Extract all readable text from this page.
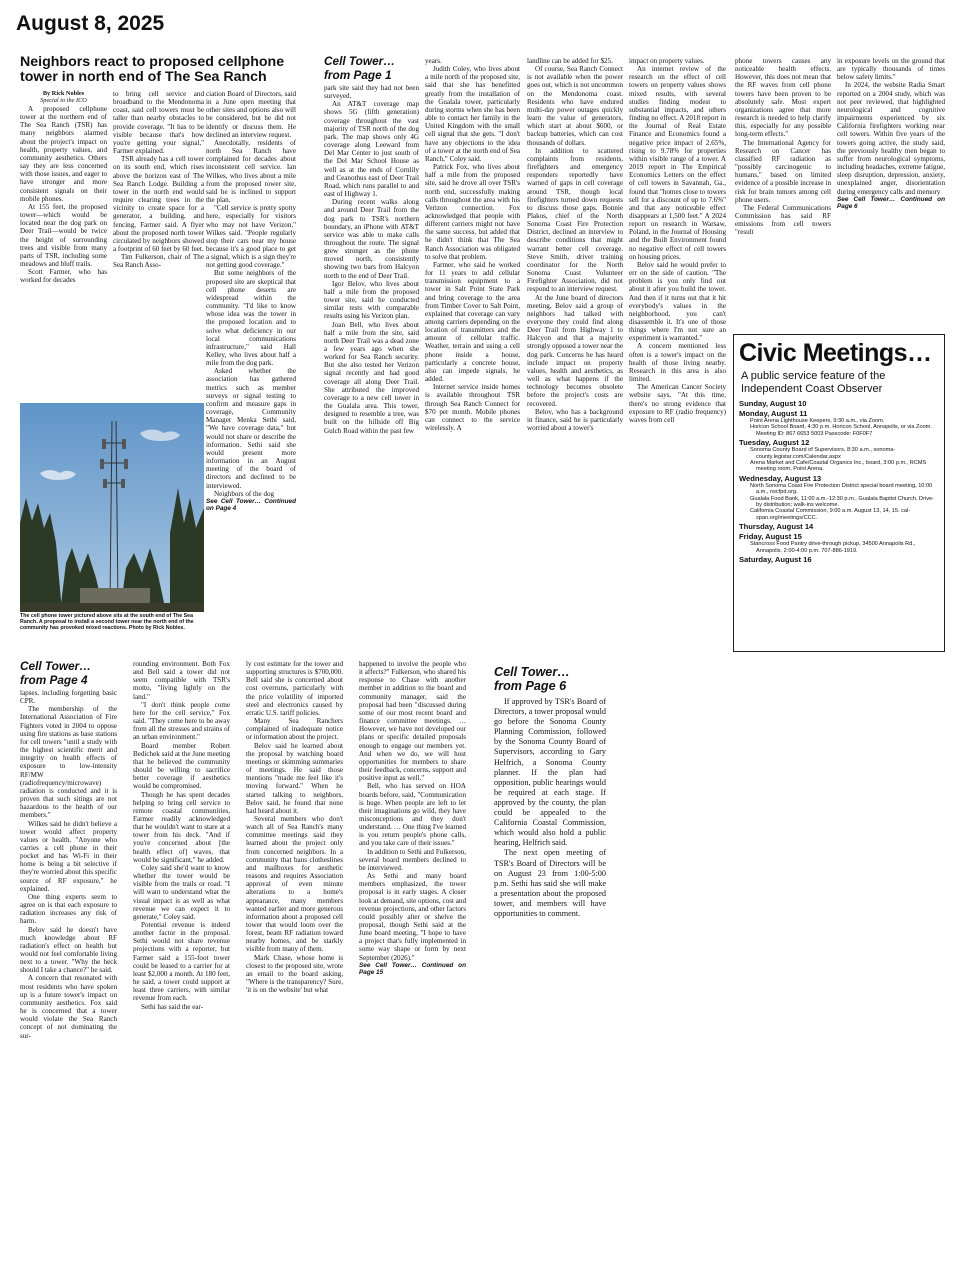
August 8, 2025
Neighbors react to proposed cellphone tower in north end of The Sea Ranch
By Rick Nobles
Special to the ICO

A proposed cellphone tower at the northern end of The Sea Ranch (TSR) has many neighbors alarmed about the project's impact on health, property values, and community aesthetics. Others say they are less concerned with those issues, and eager to have stronger and more consistent signals on their mobile phones.

At 155 feet, the proposed tower—which would be located near the dog park on Deer Trail—would be twice the height of surrounding trees and visible from many parts of TSR, including some meadows and bluff trails.

Scott Farmer, who has worked for decades

to bring cell service and broadband to the Mendonoma coast, said cell towers must be taller than nearby obstacles to provide coverage. "It has to be visible because that's how you're getting your signal," Farmer explained.

TSR already has a cell tower on its south end, which rises above the horizon east of The Sea Ranch Lodge. Building a tower in the north end would require clearing trees in the vicinity to create space for a generator, a building, and fencing, Farmer said. A flyer about the proposed north tower circulated by neighbors showed a footprint of 60 feet by 60 feet.

Tim Fulkerson, chair of The Sea Ranch Asso-

ciation Board of Directors, said in a June open meeting that other sites and options also will be considered, but he did not identify or discuss them. He declined an interview request.

Anecdotally, residents of north Sea Ranch have complained for decades about inconsistent cell service. Ian Wilkes, who lives about a mile from the proposed tower site, said he is inclined to support the plan.

"Cell service is pretty spotty here, especially for visitors who may not have Verizon," Wilkes said. "People regularly stop their cars near my house because it's a good place to get a signal, which is a sign they're not getting good coverage."

But some neighbors of the proposed site are skeptical that cell phone deserts are widespread within the community. "I'd like to know whose idea was the tower in the proposed location and to solve what deficiency in our local communications infrastructure," said Hall Kelley, who lives about half a mile from the dog park.

Asked whether the association has gathered metrics such as member surveys or signal testing to confirm and measure gaps in coverage, Community Manager Menka Sethi said, "We have coverage data," but would not share or describe the information. Sethi said she would present more information in an August meeting of the board of directors and declined to be interviewed.

Neighbors of the dog

See Cell Tower… Continued on Page 4

The cell phone tower pictured above sits at the south end of The Sea Ranch. A proposal to install a second tower near the north end of the community has provoked mixed reactions. Photo by Rick Nobles.
Cell Tower…
from Page 1

park site said they had not been surveyed.

An AT&T coverage map shows 5G (fifth generation) coverage throughout the vast majority of TSR north of the dog park. The map shows only 4G coverage along Leeward from Del Mar Center to just south of the Del Mar School House as well as at the ends of Cornlily and Ceanothus east of Deer Trail Road, which runs parallel to and east of Highway 1.

During recent walks along and around Deer Trail from the dog park to TSR's northern boundary, an iPhone with AT&T service was able to make calls throughout the route. The signal grew stronger as the phone moved north, consistently showing two bars from Halcyon north to the end of Deer Trail.

Igor Belov, who lives about half a mile from the proposed tower site, said he conducted similar tests with comparable results using his Verizon plan.

Joan Bell, who lives about half a mile from the site, said north Deer Trail was a dead zone a few years ago when she worked for Sea Ranch security. But she also tested her Verizon signal recently and had good coverage all along Deer Trail. She attributed the improved coverage to a new cell tower in the Gualala area. This tower, designed to resemble a tree, was built on the hillside off Big Gulch Road within the past few

years.

Judith Coley, who lives about a mile north of the proposed site, said that she has benefitted greatly from the installation of the Gualala tower, particularly during storms when she has been able to contact her family in the United Kingdom with the small cell signal that she gets. "I don't have any objections to the idea of a tower at the north end of Sea Ranch," Coley said.

Patrick Fox, who lives about half a mile from the proposed site, said he drove all over TSR's north end, successfully making calls throughout the area with his Verizon connection. Fox acknowledged that people with different carriers might not have the same success, but added that he didn't think that The Sea Ranch Association was obligated to solve that problem.

Farmer, who said he worked for 11 years to add cellular transmission equipment to a tower in Salt Point State Park and bring coverage to the area from Timber Cover to Salt Point, explained that coverage can vary among carriers depending on the location of transmitters and the amount of cellular traffic. Weather, terrain and using a cell phone inside a house, particularly a concrete house, also can impede signals, he added.

Internet service inside homes is available throughout TSR through Sea Ranch Connect for $70 per month. Mobile phones can connect to the service wirelessly. A

landline can be added for $25.

Of course, Sea Ranch Connect is not available when the power goes out, which is not uncommon on the Mendonoma coast. Residents who have endured multi-day power outages quickly learn the value of generators, which start at about $600, or backup batteries, which can cost thousands of dollars.

In addition to scattered complaints from residents, firefighters and emergency responders reportedly have warned of gaps in cell coverage around TSR, though local firefighters turned down requests to discuss those gaps. Bonnie Plakos, chief of the North Sonoma Coast Fire Protection District, declined an interview to describe conditions that might warrant better cell coverage. Steve Smith, driver training coordinator for the North Sonoma Coast Volunteer Firefighter Association, did not respond to an interview request.

At the June board of directors meeting, Belov said a group of neighbors had talked with everyone they could find along Deer Trail from Highway 1 to Halcyon and that a majority strongly opposed a tower near the dog park. Concerns he has heard include impact on property values, health and aesthetics, as well as what happens if the technology becomes obsolete before the project's costs are recovered.

Belov, who has a background in finance, said he is particularly worried about a tower's

impact on property values.

An internet review of the research on the effect of cell towers on property values shows mixed results, with several studies finding modest to substantial impacts, and others finding no effect. A 2018 report in the Journal of Real Estate Finance and Economics found a negative price impact of 2.65%, rising to 9.78% for properties within visible range of a tower. A 2019 report in The Empirical Economics Letters on the effect of cell towers in Savannah, Ga., found that "homes close to towers sell for a discount of up to 7.6%" and that any noticeable effect disappears at 1,500 feet." A 2024 report on research in Warsaw, Poland, in the Journal of Housing and the Built Environment found no negative effect of cell towers on housing prices.

Belov said he would prefer to err on the side of caution. "The problem is you only find out about it after you build the tower. And then if it turns out that it hit everybody's values in the neighborhood, you can't disassemble it. It's one of those things where I'm not sure an experiment is warranted."

A concern mentioned less often is a tower's impact on the health of those living nearby. Research in this area is also limited.

The American Cancer Society website says, "At this time, there's no strong evidence that exposure to RF (radio frequency) waves from cell

phone towers causes any noticeable health effects. However, this does not mean that the RF waves from cell phone towers have been proven to be absolutely safe. Most expert organizations agree that more research is needed to help clarify this, especially for any possible long-term effects."

The International Agency for Research on Cancer has classified RF radiation as "possibly carcinogenic to humans," based on limited evidence of a possible increase in risk for brain tumors among cell phone users.

The Federal Communications Commission has said RF emissions from cell towers "result

in exposure levels on the ground that are typically thousands of times below safety limits."

In 2024, the website Radia Smart reported on a 2004 study, which was not peer reviewed, that highlighted neurological and cognitive impairments experienced by six California firefighters working near cell towers. Within five years of the towers going active, the study said, the previously healthy men began to suffer from neurological symptoms, including headaches, extreme fatigue, sleep disruption, depression, anxiety, unexplained anger, disorientation during emergency calls and memory

See Cell Tower… Continued on Page 6

Civic Meetings…
A public service feature of the Independent Coast Observer
Sunday, August 10
Monday, August 11
Point Arena Lighthouse Keepers, 9:30 a.m., via Zoom.
Horicon School Board, 4:30 p.m. Horicon School, Annapolis, or via Zoom. Meeting ID: 867 6653 5003 Passcode: F0F0F7
Tuesday, August 12
Sonoma County Board of Supervisors, 8:30 a.m., sonoma-county.legistar.com/Calendar.aspx
Arena Market and Cafe/Coastal Organics Inc., board, 3:00 p.m., RCMS meeting room, Point Arena.
Wednesday, August 13
North Sonoma Coast Fire Protection District special board meeting, 10:00 a.m., nscfpd.org.
Gualala Food Bank, 11:00 a.m.-12:30 p.m., Gualala Baptist Church. Drive-by distribution; walk-ins welcome.
California Coastal Commission, 9:00 a.m. August 13, 14, 15. cal-span.org/meetings/CCC.
Thursday, August 14
Friday, August 15
Stancross Food Pantry drive-through pickup, 34500 Annapolis Rd., Annapolis. 2:00-4:00 p.m. 707-886-1919.
Saturday, August 16
Cell Tower…
from Page 4

lapses, including forgetting basic CPR.

The membership of the International Association of Fire Fighters voted in 2004 to oppose using fire stations as base stations for cell towers "until a study with the highest scientific merit and integrity on health effects of exposure to low-intensity RF/MW (radiofrequency/microwave) radiation is conducted and it is proven that such sitings are not hazardous to the health of our members."

Wilkes said he didn't believe a tower would affect property values or health. "Anyone who carries a cell phone in their pocket and has Wi-Fi in their home is being a bit selective if they're worried about this specific source of RF exposure," he explained.

One thing experts seem to agree on is that each exposure to radiation increases any risk of harm.

Belov said he doesn't have much knowledge about RF radiation's effect on health but would not feel comfortable living next to a tower. "Why the heck should I take a chance?" he said.

A concern that resonated with most residents who have spoken up is a future tower's impact on community aesthetics. Fox said he is concerned that a tower would violate the Sea Ranch concept of not dominating the sur-

rounding environment. Both Fox and Bell said a tower did not seem compatible with TSR's motto, "living lightly on the land."

"I don't think people come here for the cell service," Fox said. "They come here to be away from all the stresses and strains of an urban environment."

Board member Robert Bedichek said at the June meeting that he believed the community should be willing to sacrifice better coverage if aesthetics would be compromised.

Though he has spent decades helping to bring cell service to remote coastal communities, Farmer readily acknowledged that he wouldn't want to stare at a tower from his deck. "And if you're concerned about [the health effect of] waves, that would be significant," he added.

Coley said she'd want to know whether the tower would be visible from the trails or road. "I will want to understand what the visual impact is as well as what revenue we can expect it to generate," Coley said.

Potential revenue is indeed another factor in the proposal. Sethi would not share revenue projections with a reporter, but Farmer said a 155-foot tower could be leased to a carrier for at least $2,000 a month. At 180 feet, he said, a tower could support at least three carriers, with similar revenue from each.

Sethi has said the ear-

ly cost estimate for the tower and supporting structures is $700,000. Bell said she is concerned about cost overruns, particularly with the price volatility of imported steel and electronics caused by erratic U.S. tariff policies.

Many Sea Ranchers complained of inadequate notice or information about the project.

Belov said he learned about the proposal by watching board meetings or skimming summaries of meetings. He said those mentions "made me feel like it's moving forward." When he started talking to neighbors, Belov said, he found that none had heard about it.

Several members who don't watch all of Sea Ranch's many committee meetings said they learned about the project only from concerned neighbors. In a community that bans clotheslines and mailboxes for aesthetic reasons and requires Association approval of even minute alterations to a home's appearance, many members wanted earlier and more generous information about a proposed cell tower that would loom over the forest, beam RF radiation toward nearby homes, and be starkly visible from many of them.

Mark Chase, whose home is closest to the proposed site, wrote an email to the board asking, "Where is the transparency? Sure, 'it is on the website' but what

happened to involve the people who it affects?" Fulkerson, who shared his response to Chase with another member in addition to the board and community manager, said the proposal had been "discussed during some of our most recent board and finance committee meetings. … However, we have not developed our plans or specific detailed proposals enough to engage our members yet. And when we do, we will host opportunities for members to share their feedback, concerns, support and positive input as well."

Bell, who has served on HOA boards before, said, "Communication is huge. When people are left to let their imaginations go wild, they have misconceptions and they don't understand. … One thing I've learned is you return people's phone calls, and you take care of their issues."

In addition to Sethi and Fulkerson, several board members declined to be interviewed.

As Sethi and many board members emphasized, the tower proposal is in early stages. A closer look at demand, site options, cost and revenue projections, and other factors could possibly alter or shelve the proposal, though Sethi said at the June board meeting, "I hope to have a project that's fully implemented in some way shape or form by next September (2026)."

See Cell Tower… Continued on Page 15

Cell Tower…
from Page 6

If approved by TSR's Board of Directors, a tower proposal would go before the Sonoma County Planning Commission, followed by the Sonoma County Board of Supervisors, according to Gary Helfrich, a Sonoma County planner. If the plan had opposition, public hearings would be required at each stage. If approved by the county, the plan could be appealed to the California Coastal Commission, which would also hold a public hearing, Helfrich said.

The next open meeting of TSR's Board of Directors will be on August 23 from 1:00-5:00 p.m. Sethi has said she will make a presentation about the proposed tower, and members will have opportunities to comment.
